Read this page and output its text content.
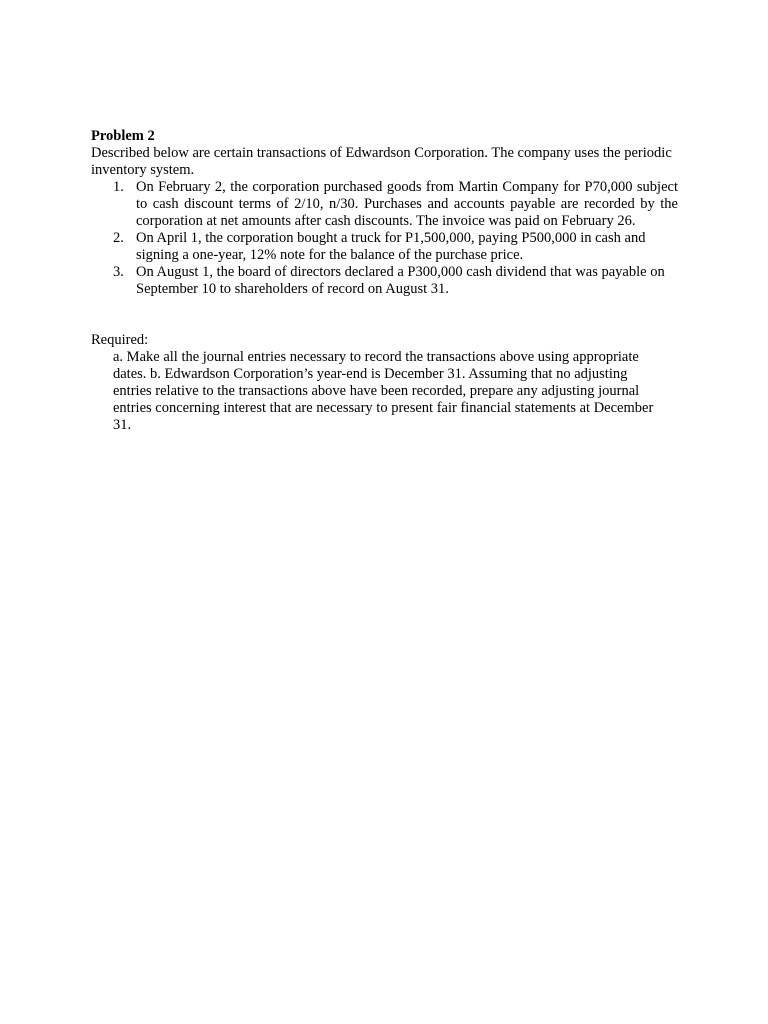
Problem 2

Described below are certain transactions of Edwardson Corporation. The company uses the periodic inventory system.

1. On February 2, the corporation purchased goods from Martin Company for P70,000 subject to cash discount terms of 2/10, n/30. Purchases and accounts payable are recorded by the corporation at net amounts after cash discounts. The invoice was paid on February 26.
2. On April 1, the corporation bought a truck for P1,500,000, paying P500,000 in cash and signing a one-year, 12% note for the balance of the purchase price.
3. On August 1, the board of directors declared a P300,000 cash dividend that was payable on September 10 to shareholders of record on August 31.

Required:

a. Make all the journal entries necessary to record the transactions above using appropriate dates. b. Edwardson Corporation’s year-end is December 31. Assuming that no adjusting entries relative to the transactions above have been recorded, prepare any adjusting journal entries concerning interest that are necessary to present fair financial statements at December 31.
